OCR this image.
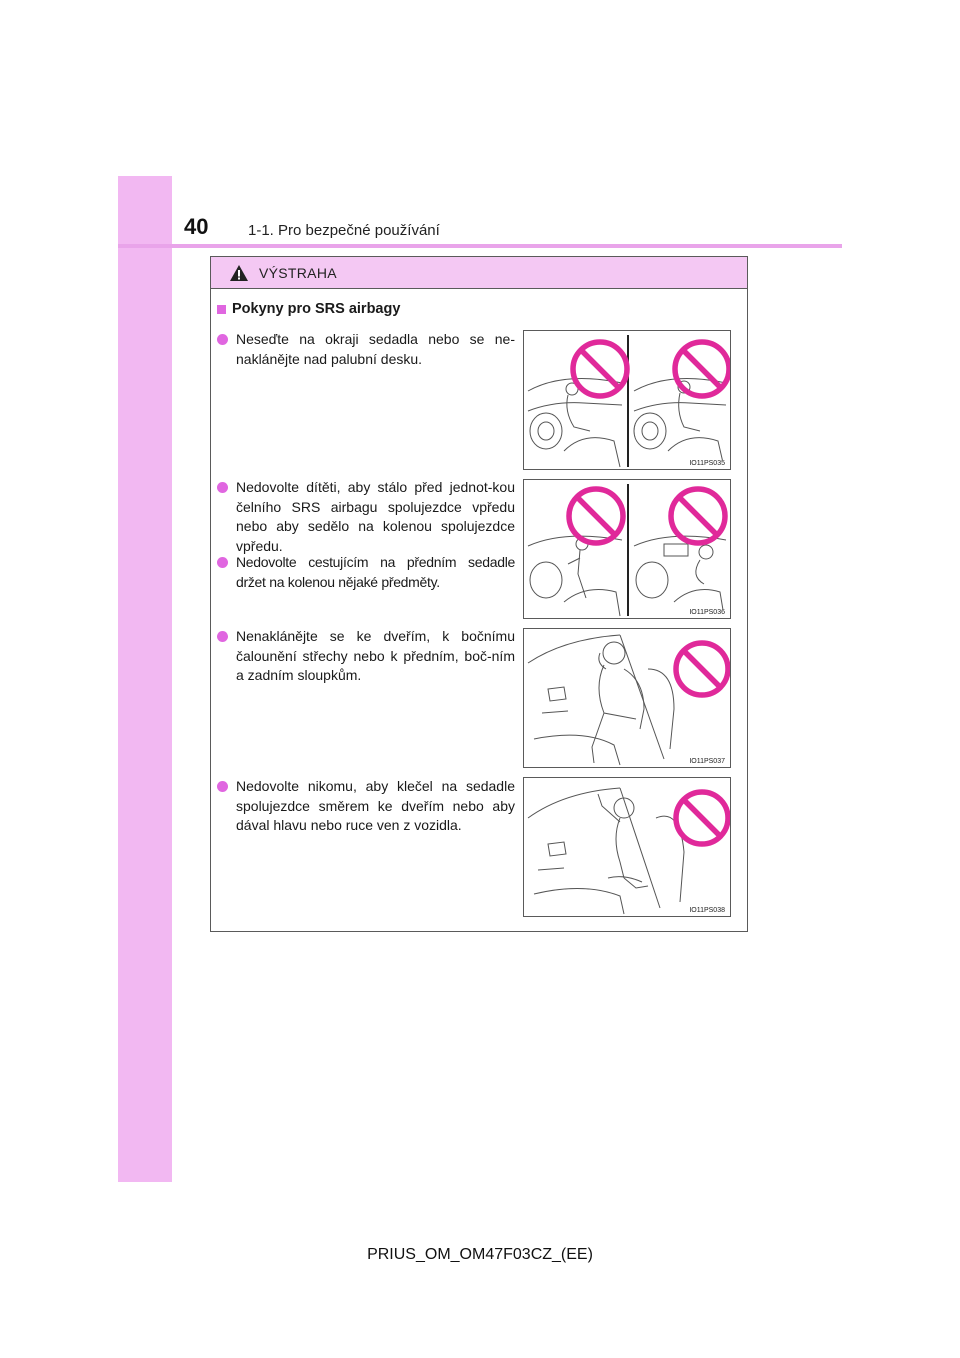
40	1-1. Pro bezpečné používání
VÝSTRAHA
Pokyny pro SRS airbagy
Neseďte na okraji sedadla nebo se ne-naklánějte nad palubní desku.
IO11PS035
Nedovolte dítěti, aby stálo před jednot-kou čelního SRS airbagu spolujezdce vpředu nebo aby sedělo na kolenou spolujezdce vpředu.
Nedovolte cestujícím na předním sedadle držet na kolenou nějaké předměty.
IO11PS036
Nenaklánějte se ke dveřím, k bočnímu čalounění střechy nebo k předním, boč-ním a zadním sloupkům.
IO11PS037
Nedovolte nikomu, aby klečel na sedadle spolujezdce směrem ke dveřím nebo aby dával hlavu nebo ruce ven z vozidla.
IO11PS038
PRIUS_OM_OM47F03CZ_(EE)
